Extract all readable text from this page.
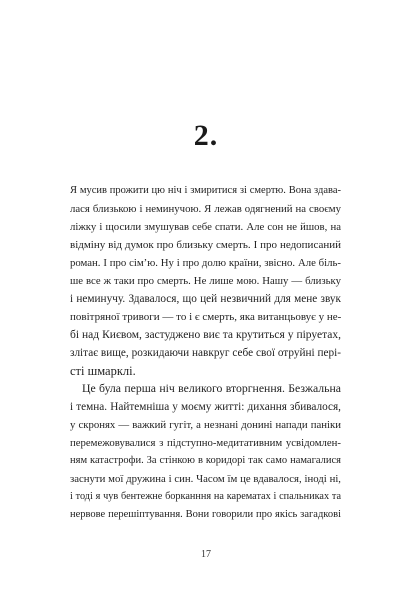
2.
Я мусив прожити цю ніч і змиритися зі смертю. Вона здава-
лася близькою і неминучою. Я лежав одягнений на своєму
ліжку і щосили змушував себе спати. Але сон не йшов, на
відміну від думок про близьку смерть. І про недописаний
роман. І про сім’ю. Ну і про долю країни, звісно. Але біль-
ше все ж таки про смерть. Не лише мою. Нашу — близьку
і неминучу. Здавалося, що цей незвичний для мене звук
повітряної тривоги — то і є смерть, яка витанцьовує у не-
бі над Києвом, застуджено виє та крутиться у піруетах,
злітає вище, розкидаючи навкруг себе свої отруйні пері-
сті шмарклі.
Це була перша ніч великого вторгнення. Безжальна
і темна. Найтемніша у моєму житті: дихання збивалося,
у скронях — важкий гугіт, а незнані донині напади паніки
перемежовувалися з підступно-медитативним усвідомлен-
ням катастрофи. За стінкою в коридорі так само намагалися
заснути мої дружина і син. Часом їм це вдавалося, іноді ні,
і тоді я чув бентежне борканння на карематах і спальниках та
нервове перешіптування. Вони говорили про якісь загадкові
17
